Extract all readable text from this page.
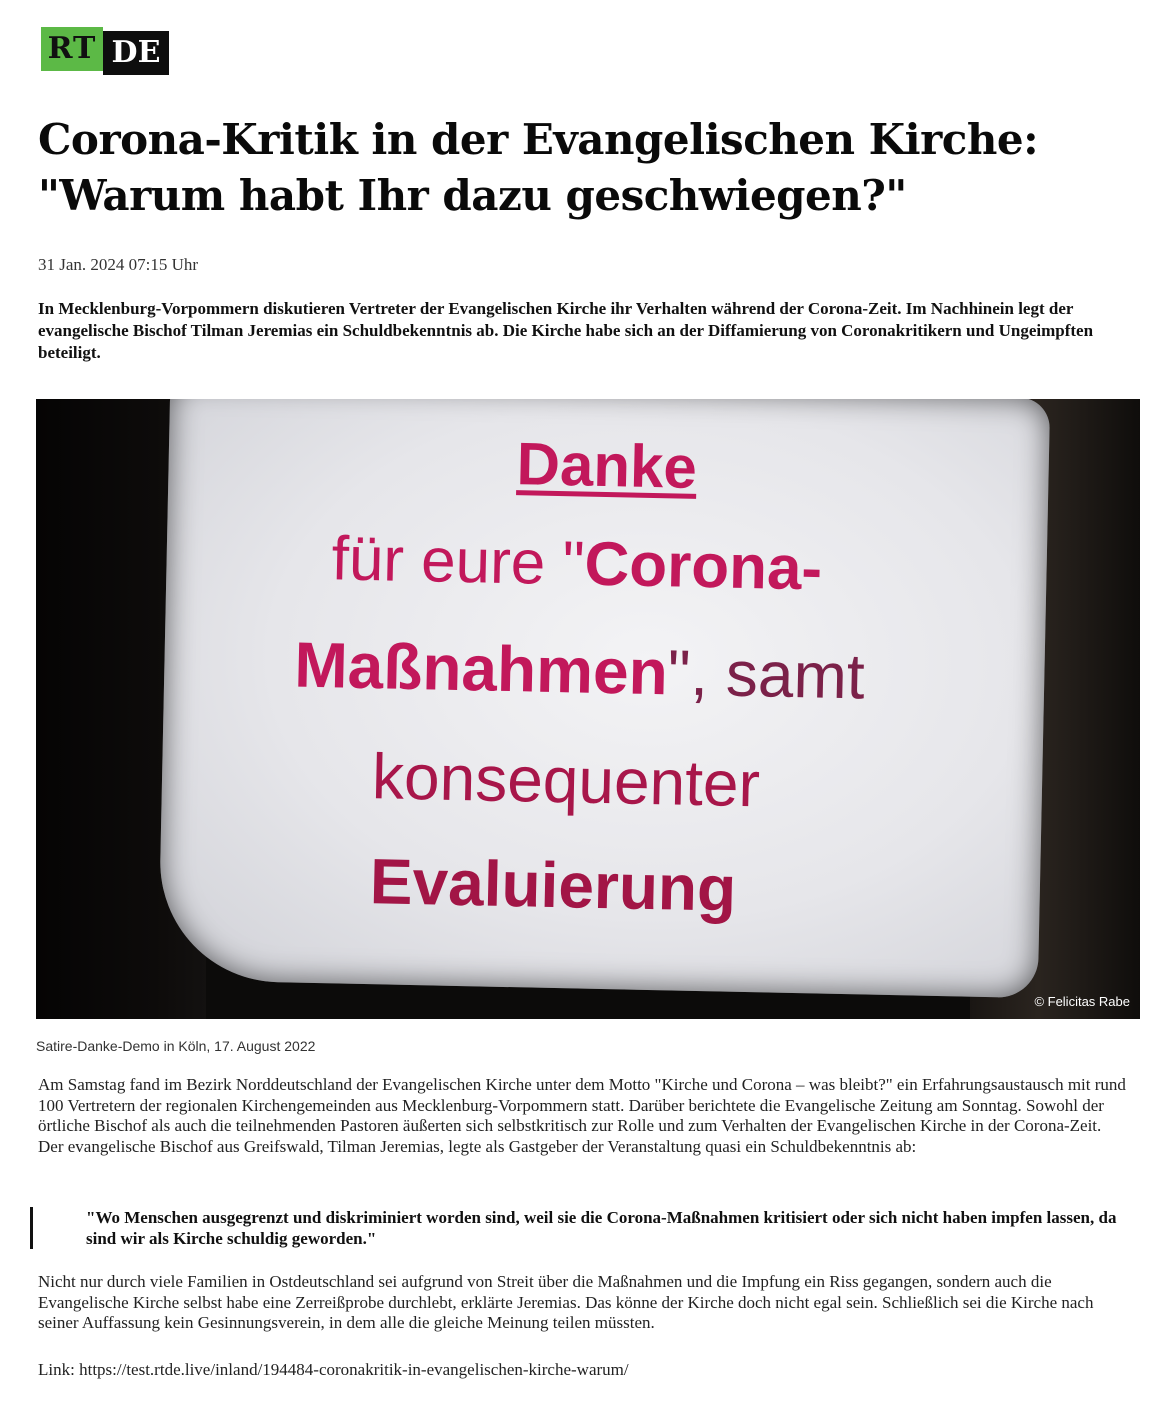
RT DE
Corona-Kritik in der Evangelischen Kirche:
"Warum habt Ihr dazu geschwiegen?"
31 Jan. 2024 07:15 Uhr
In Mecklenburg-Vorpommern diskutieren Vertreter der Evangelischen Kirche ihr Verhalten während der Corona-Zeit. Im Nachhinein legt der evangelische Bischof Tilman Jeremias ein Schuldbekenntnis ab. Die Kirche habe sich an der Diffamierung von Coronakritikern und Ungeimpften beteiligt.
Danke
für eure "Corona-
Maßnahmen", samt
konsequenter
Evaluierung
© Felicitas Rabe
Satire-Danke-Demo in Köln, 17. August 2022

Am Samstag fand im Bezirk Norddeutschland der Evangelischen Kirche unter dem Motto "Kirche und Corona – was bleibt?" ein Erfahrungsaustausch mit rund 100 Vertretern der regionalen Kirchengemeinden aus Mecklenburg-Vorpommern statt. Darüber berichtete die Evangelische Zeitung am Sonntag. Sowohl der örtliche Bischof als auch die teilnehmenden Pastoren äußerten sich selbstkritisch zur Rolle und zum Verhalten der Evangelischen Kirche in der Corona-Zeit. Der evangelische Bischof aus Greifswald, Tilman Jeremias, legte als Gastgeber der Veranstaltung quasi ein Schuldbekenntnis ab:

"Wo Menschen ausgegrenzt und diskriminiert worden sind, weil sie die Corona-Maßnahmen kritisiert oder sich nicht haben impfen lassen, da sind wir als Kirche schuldig geworden."

Nicht nur durch viele Familien in Ostdeutschland sei aufgrund von Streit über die Maßnahmen und die Impfung ein Riss gegangen, sondern auch die Evangelische Kirche selbst habe eine Zerreißprobe durchlebt, erklärte Jeremias. Das könne der Kirche doch nicht egal sein. Schließlich sei die Kirche nach seiner Auffassung kein Gesinnungsverein, in dem alle die gleiche Meinung teilen müssten.

Link: https://test.rtde.live/inland/194484-coronakritik-in-evangelischen-kirche-warum/
